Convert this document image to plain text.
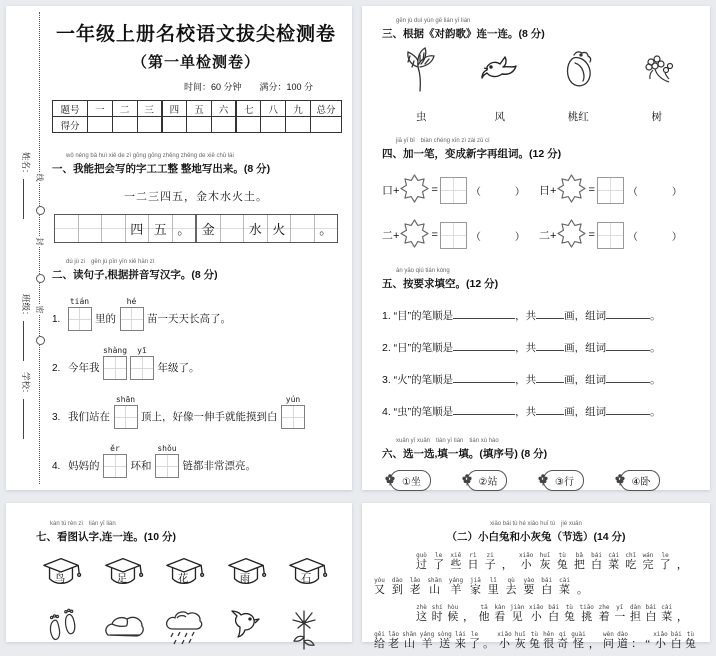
姓名：
班级：
学校：
线
封
密
一年级上册名校语文拔尖检测卷
（第一单检测卷）
时间：60 分钟　　满分：100 分
题号	一	二	三	四	五	六	七	八	九	总分
得分										
wǒ néng bǎ huì xiě de zì gōng gōng zhěng zhěng de xiě chū lái
一、我能把会写的字工工整 整地写出来。(8 分)
一二三四五，金木水火土。
四 五 。 金	水 火	。
dú jù zi　gēn jù pīn yīn xiě hàn zì
二、读句子,根据拼音写汉字。(8 分)
1.
tián
里的
hé
苗一天天长高了。
2. 今年我
shàng yī
年级了。
3. 我们站在
shān
顶上，好像一伸手就能摸到白
yún
4. 妈妈的
ěr
环和
shǒu
链都非常漂亮。
gēn jù duì yùn gē lián yī lián
三、根据《对韵歌》连一连。(8 分)
虫	风	桃红	树
jiā yī bǐ　biàn chéng xīn zì zài zǔ cí
四、加一笔，变成新字再组词。(12 分)
口+	=	（　　　） 日+	=	（　　　）
二+	=	（　　　） 二+	=	（　　　）
àn yāo qiú tián kòng
五、按要求填空。(12 分)
1. “目”的笔顺是	，共	画，组词	。
2. “日”的笔顺是	，共	画，组词	。
3. “火”的笔顺是	，共	画，组词	。
4. “虫”的笔顺是	，共	画，组词	。
xuǎn yī xuǎn　tián yī tián　tián xù hào
六、选一选,填一填。(填序号) (8 分)
①坐	②站	③行	④卧
kàn tú rèn zì　lián yī lián
七、看图认字,连一连。(10 分)
鸟	足	花	雨	石
xiǎo bái tù hé xiǎo huī tù　jié xuǎn
（二）小白兔和小灰兔（节选）(14 分)
guò
过
le
了
xiē
些
rì
日
zi
子
，
xiǎo
小
huī
灰
tù
兔
bǎ
把
bái
白
cài
菜
chī
吃
wán
完
le
了
，
yòu
又
dào
到
lǎo
老
shān
山
yáng
羊
jiā
家
lǐ
里
qù
去
yào
要
bái
白
cài
菜
。
zhè
这
shí
时
hòu
候
，
tā
他
kàn
看
jiàn
见
xiǎo
小
bái
白
tù
兔
tiāo
挑
zhe
着
yī
一
dàn
担
bái
白
cài
菜
，
gěi
给
lǎo
老
shān
山
yáng
羊
sòng
送
lái
来
le
了
。
xiǎo
小
huī
灰
tù
兔
hěn
很
qí
奇
guài
怪
，
wèn
问
dào
道
：
“
xiǎo
小
bái
白
tù
兔
